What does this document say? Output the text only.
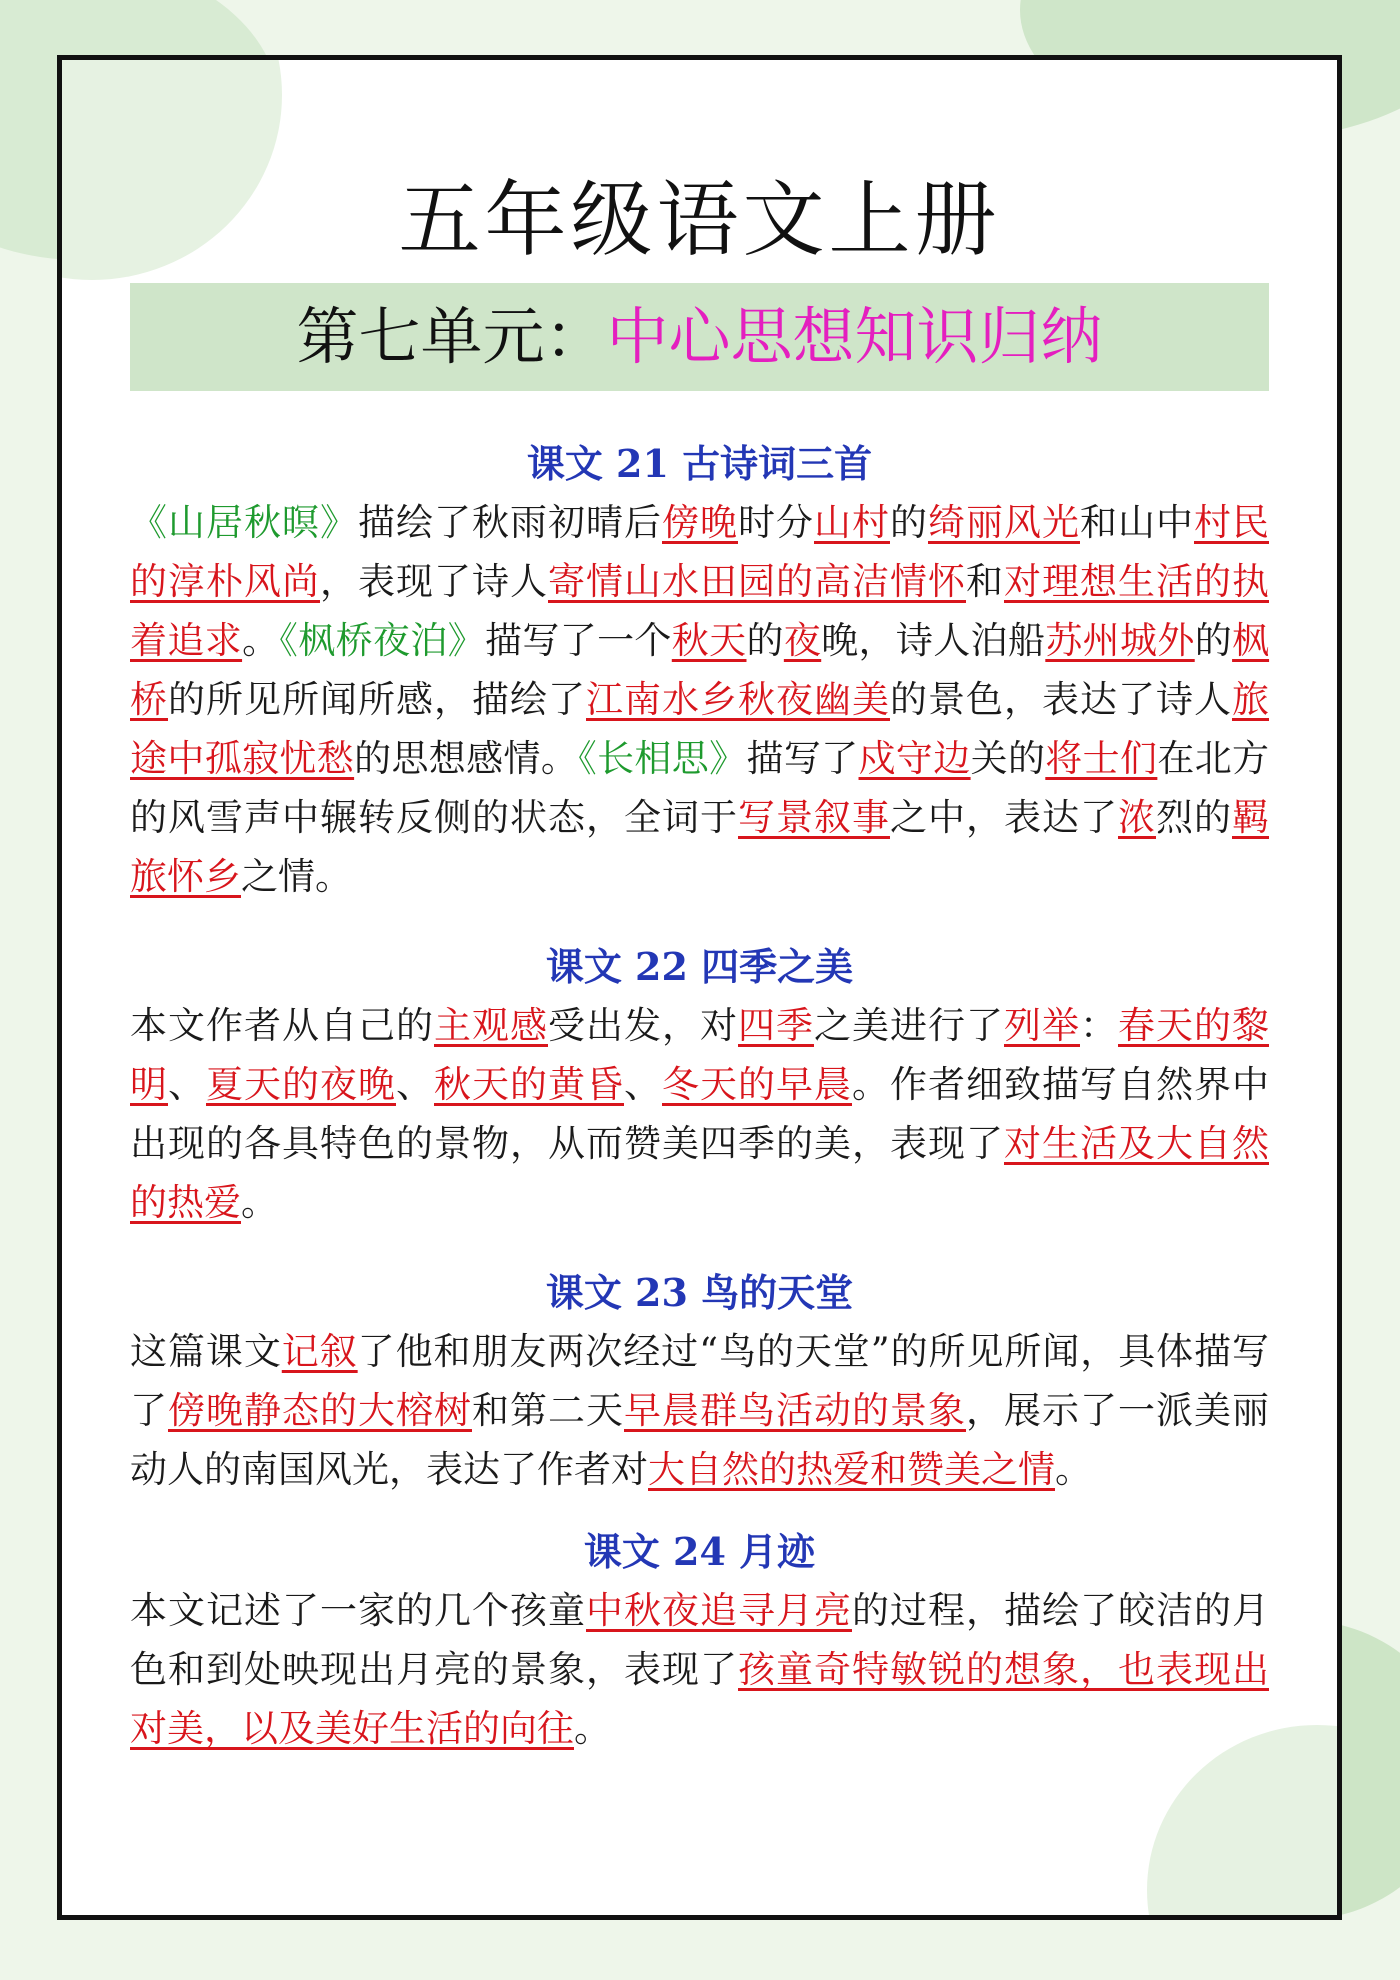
五年级语文上册
第七单元：中心思想知识归纳
课文 21 古诗词三首

《山居秋暝》描绘了秋雨初晴后傍晚时分山村的绮丽风光和山中村民的淳朴风尚，表现了诗人寄情山水田园的高洁情怀和对理想生活的执着追求。《枫桥夜泊》描写了一个秋天的夜晚，诗人泊船苏州城外的枫桥的所见所闻所感，描绘了江南水乡秋夜幽美的景色，表达了诗人旅途中孤寂忧愁的思想感情。《长相思》描写了戍守边关的将士们在北方的风雪声中辗转反侧的状态，全词于写景叙事之中，表达了浓烈的羁旅怀乡之情。

课文 22 四季之美

本文作者从自己的主观感受出发，对四季之美进行了列举：春天的黎明、夏天的夜晚、秋天的黄昏、冬天的早晨。作者细致描写自然界中出现的各具特色的景物，从而赞美四季的美，表现了对生活及大自然的热爱。

课文 23 鸟的天堂

这篇课文记叙了他和朋友两次经过“鸟的天堂”的所见所闻，具体描写了傍晚静态的大榕树和第二天早晨群鸟活动的景象，展示了一派美丽动人的南国风光，表达了作者对大自然的热爱和赞美之情。

课文 24 月迹

本文记述了一家的几个孩童中秋夜追寻月亮的过程，描绘了皎洁的月色和到处映现出月亮的景象，表现了孩童奇特敏锐的想象，也表现出对美，以及美好生活的向往。
